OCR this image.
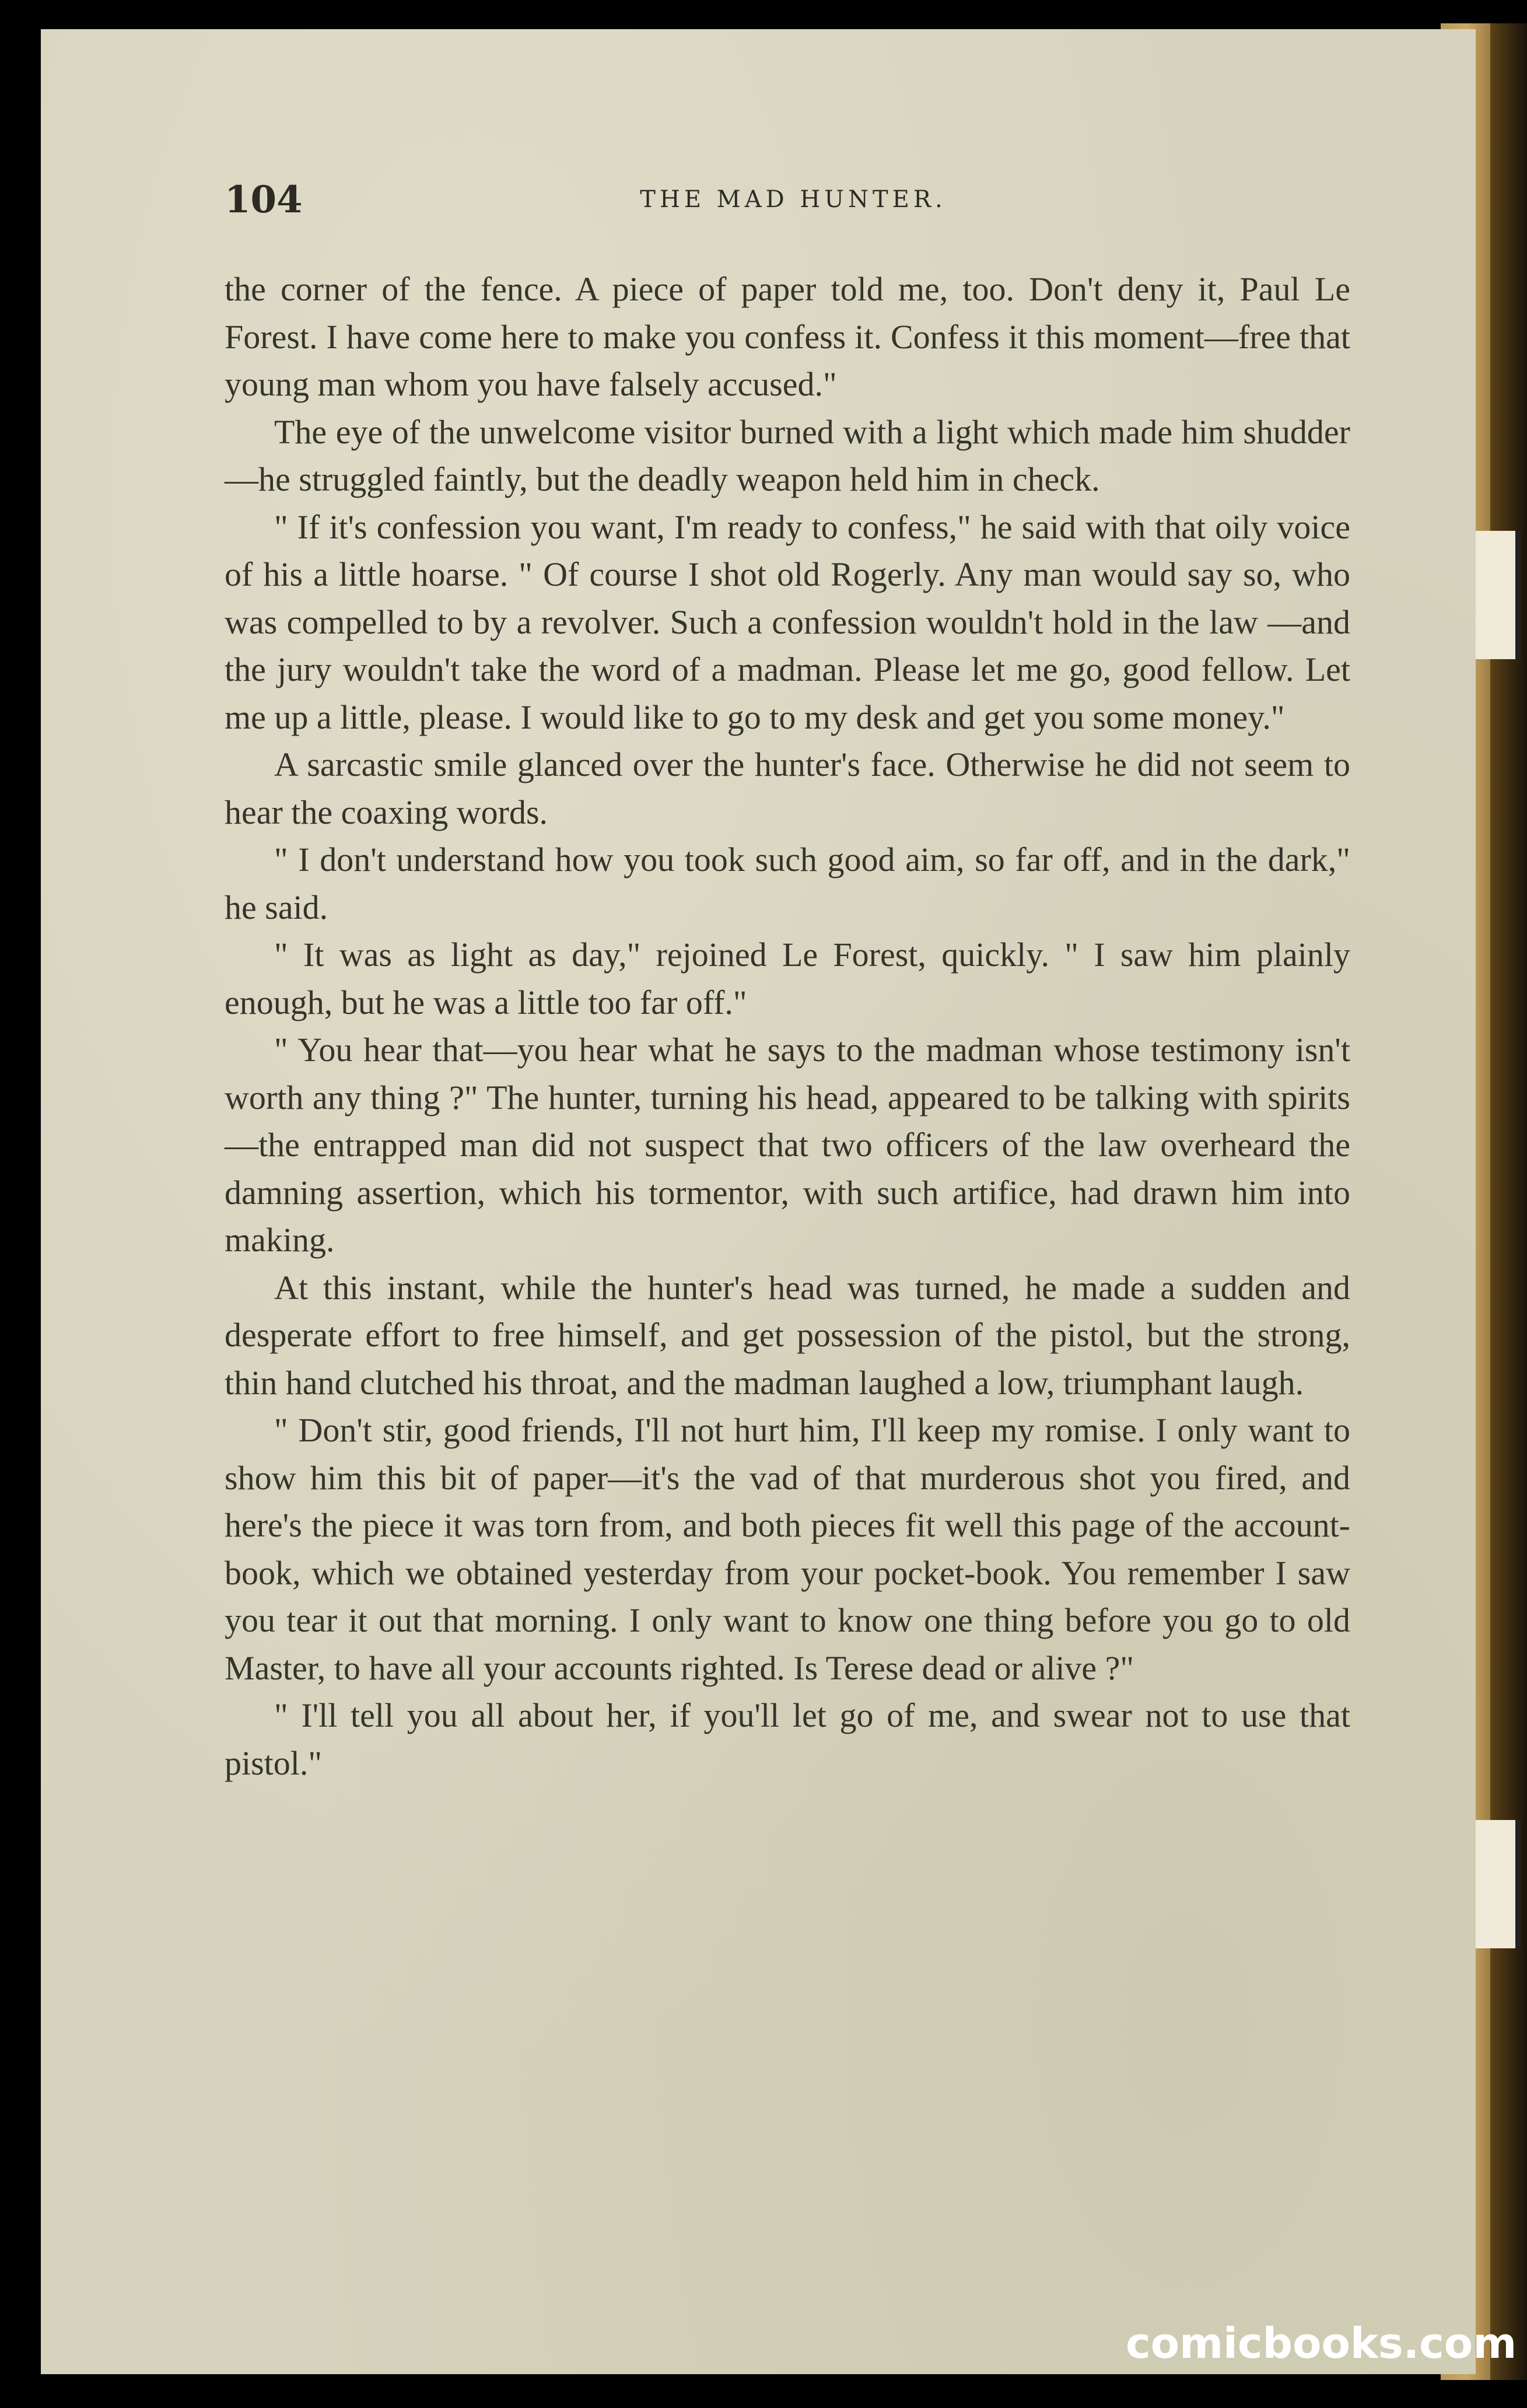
104	THE MAD HUNTER.

the corner of the fence. A piece of paper told me, too. Don't deny it, Paul Le Forest. I have come here to make you confess it. Confess it this moment—free that young man whom you have falsely accused."

The eye of the unwelcome visitor burned with a light which made him shudder—he struggled faintly, but the deadly weapon held him in check.

" If it's confession you want, I'm ready to confess," he said with that oily voice of his a little hoarse. " Of course I shot old Rogerly. Any man would say so, who was compelled to by a revolver. Such a confession wouldn't hold in the law —and the jury wouldn't take the word of a madman. Please let me go, good fellow. Let me up a little, please. I would like to go to my desk and get you some money."

A sarcastic smile glanced over the hunter's face. Otherwise he did not seem to hear the coaxing words.

" I don't understand how you took such good aim, so far off, and in the dark," he said.

" It was as light as day," rejoined Le Forest, quickly. " I saw him plainly enough, but he was a little too far off."

" You hear that—you hear what he says to the madman whose testimony isn't worth any thing ?" The hunter, turning his head, appeared to be talking with spirits—the entrapped man did not suspect that two officers of the law overheard the damning assertion, which his tormentor, with such artifice, had drawn him into making.

At this instant, while the hunter's head was turned, he made a sudden and desperate effort to free himself, and get possession of the pistol, but the strong, thin hand clutched his throat, and the madman laughed a low, triumphant laugh.

" Don't stir, good friends, I'll not hurt him, I'll keep my romise. I only want to show him this bit of paper—it's the vad of that murderous shot you fired, and here's the piece it was torn from, and both pieces fit well this page of the account-book, which we obtained yesterday from your pocket-book. You remember I saw you tear it out that morning. I only want to know one thing before you go to old Master, to have all your accounts righted. Is Terese dead or alive ?"

" I'll tell you all about her, if you'll let go of me, and swear not to use that pistol."

comicbooks.com
